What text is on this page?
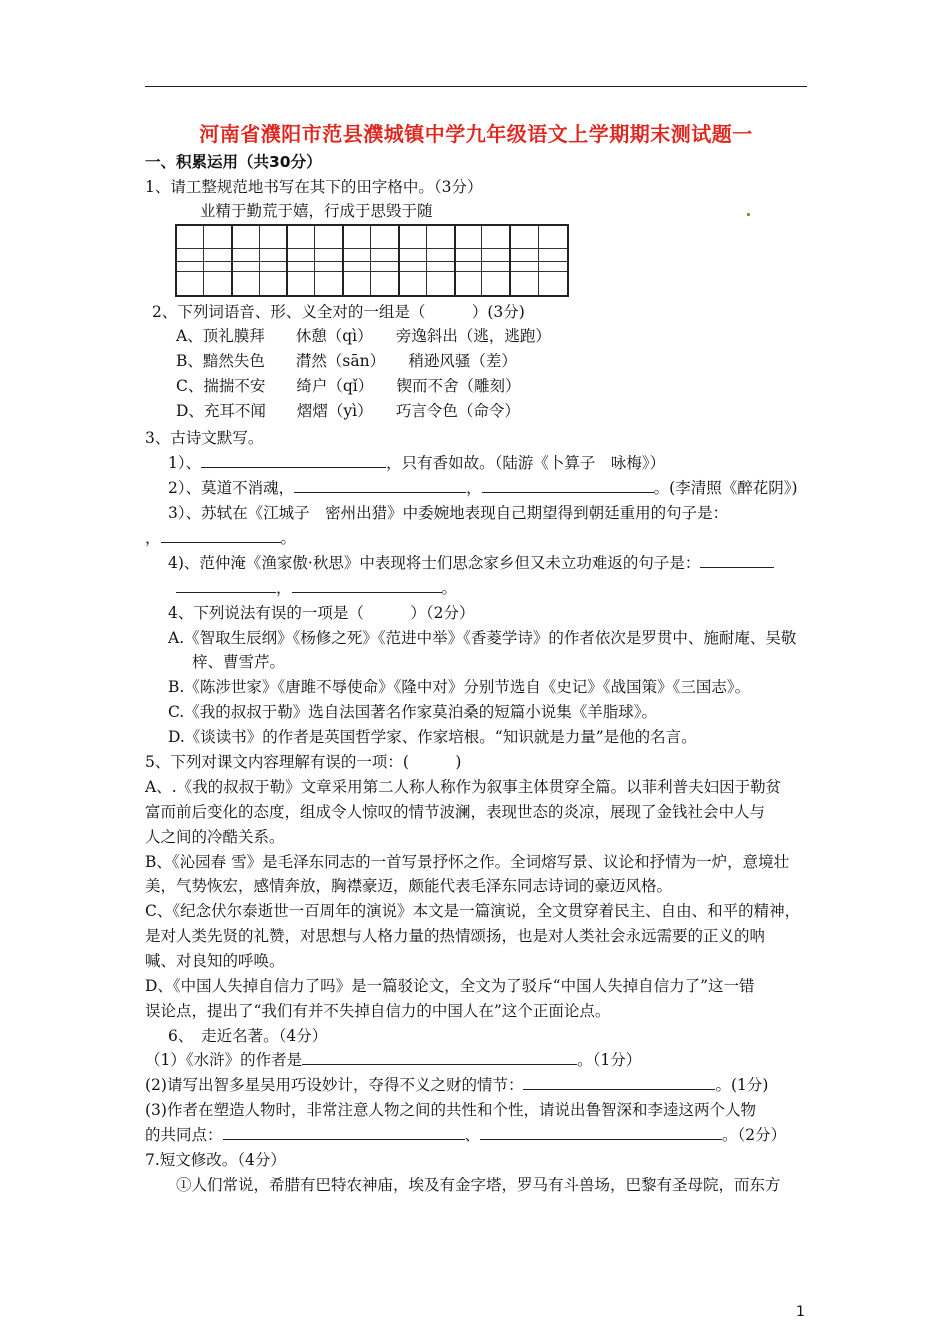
河南省濮阳市范县濮城镇中学九年级语文上学期期末测试题一
一、积累运用（共30分）
1、请工整规范地书写在其下的田字格中。（3分）
业精于勤荒于嬉，行成于思毁于随
2、下列词语音、形、义全对的一组是（　　　）(3分)
A、顶礼膜拜　　休憩（qì）　　旁逸斜出（逃，逃跑）
B、黯然失色　　潸然（sān）　　稍逊风骚（差）
C、揣揣不安　　绮户（qǐ）　　锲而不舍（雕刻）
D、充耳不闻　　熠熠（yì）　　巧言令色（命令）
3、古诗文默写。
1）、	，只有香如故。（陆游《卜算子　咏梅》）
2）、莫道不消魂，	，	。(李清照《醉花阴》)
3）、苏轼在《江城子　密州出猎》中委婉地表现自己期望得到朝廷重用的句子是：
，	。
4)、范仲淹《渔家傲·秋思》中表现将士们思念家乡但又未立功难返的句子是：
，	。
4、下列说法有误的一项是（　　　）（2分）
A.《智取生辰纲》《杨修之死》《范进中举》《香菱学诗》的作者依次是罗贯中、施耐庵、吴敬
梓、曹雪芹。
B.《陈涉世家》《唐雎不辱使命》《隆中对》分别节选自《史记》《战国策》《三国志》。
C.《我的叔叔于勒》选自法国著名作家莫泊桑的短篇小说集《羊脂球》。
D.《谈读书》的作者是英国哲学家、作家培根。“知识就是力量”是他的名言。
5、下列对课文内容理解有误的一项：(　　　)
A、.《我的叔叔于勒》文章采用第二人称人称作为叙事主体贯穿全篇。以菲利普夫妇因于勒贫
富而前后变化的态度，组成令人惊叹的情节波澜，表现世态的炎凉，展现了金钱社会中人与
人之间的冷酷关系。
B、《沁园春 雪》是毛泽东同志的一首写景抒怀之作。全词熔写景、议论和抒情为一炉，意境壮
美，气势恢宏，感情奔放，胸襟豪迈，颇能代表毛泽东同志诗词的豪迈风格。
C、《纪念伏尔泰逝世一百周年的演说》本文是一篇演说，全文贯穿着民主、自由、和平的精神，
是对人类先贤的礼赞，对思想与人格力量的热情颂扬，也是对人类社会永远需要的正义的呐
喊、对良知的呼唤。
D、《中国人失掉自信力了吗》是一篇驳论文，全文为了驳斥“中国人失掉自信力了”这一错
误论点，提出了“我们有并不失掉自信力的中国人在”这个正面论点。
6、　走近名著。（4分）
（1）《水浒》的作者是	。（1分）
(2)请写出智多星吴用巧设妙计，夺得不义之财的情节：	。(1分)
(3)作者在塑造人物时，非常注意人物之间的共性和个性，请说出鲁智深和李逵这两个人物
的共同点：	、	。（2分）
7.短文修改。（4分）
①人们常说，希腊有巴特农神庙，埃及有金字塔，罗马有斗兽场，巴黎有圣母院，而东方
1
